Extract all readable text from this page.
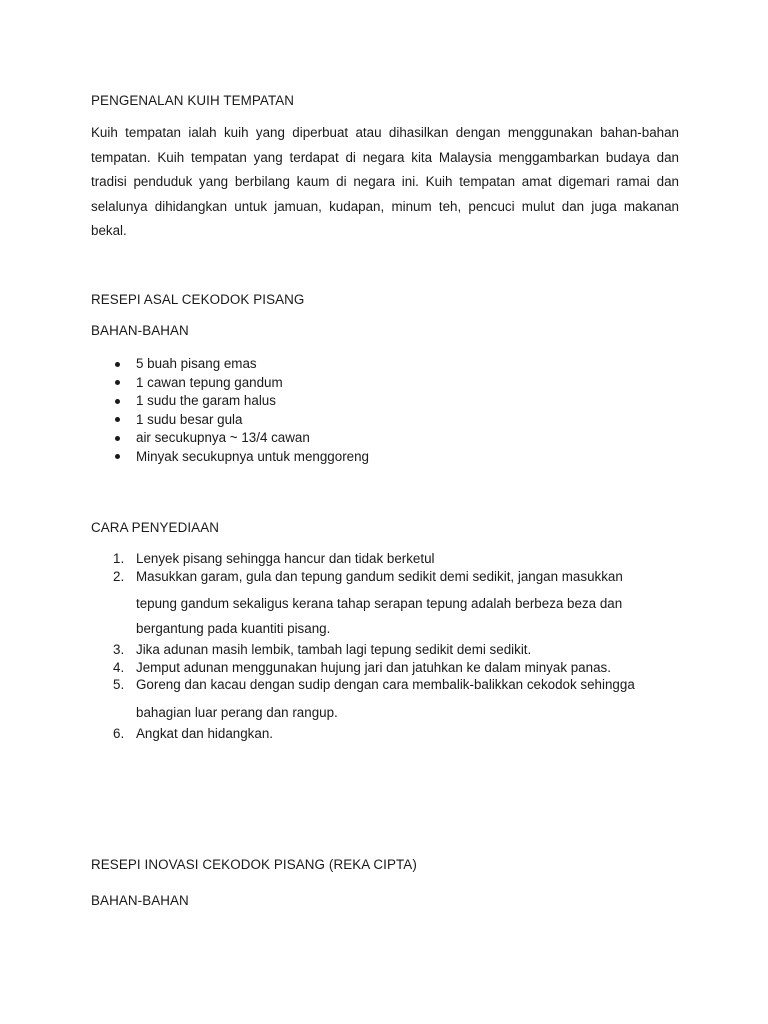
PENGENALAN KUIH TEMPATAN

Kuih tempatan ialah kuih yang diperbuat atau dihasilkan dengan menggunakan bahan-bahan tempatan. Kuih tempatan yang terdapat di negara kita Malaysia menggambarkan budaya dan tradisi penduduk yang berbilang kaum di negara ini. Kuih tempatan amat digemari ramai dan selalunya dihidangkan untuk jamuan, kudapan, minum teh, pencuci mulut dan juga makanan bekal.

RESEPI ASAL CEKODOK PISANG
BAHAN-BAHAN
5 buah pisang emas
1 cawan tepung gandum
1 sudu the garam halus
1 sudu besar gula
air secukupnya ~ 13/4 cawan
Minyak secukupnya untuk menggoreng
CARA PENYEDIAAN
1. Lenyek pisang sehingga hancur dan tidak berketul
2. Masukkan garam, gula dan tepung gandum sedikit demi sedikit, jangan masukkan
tepung gandum sekaligus kerana tahap serapan tepung adalah berbeza beza dan bergantung pada kuantiti pisang.
3. Jika adunan masih lembik, tambah lagi tepung sedikit demi sedikit.
4. Jemput adunan menggunakan hujung jari dan jatuhkan ke dalam minyak panas.
5. Goreng dan kacau dengan sudip dengan cara membalik-balikkan cekodok sehingga
bahagian luar perang dan rangup.
6. Angkat dan hidangkan.
RESEPI INOVASI CEKODOK PISANG (REKA CIPTA)
BAHAN-BAHAN
